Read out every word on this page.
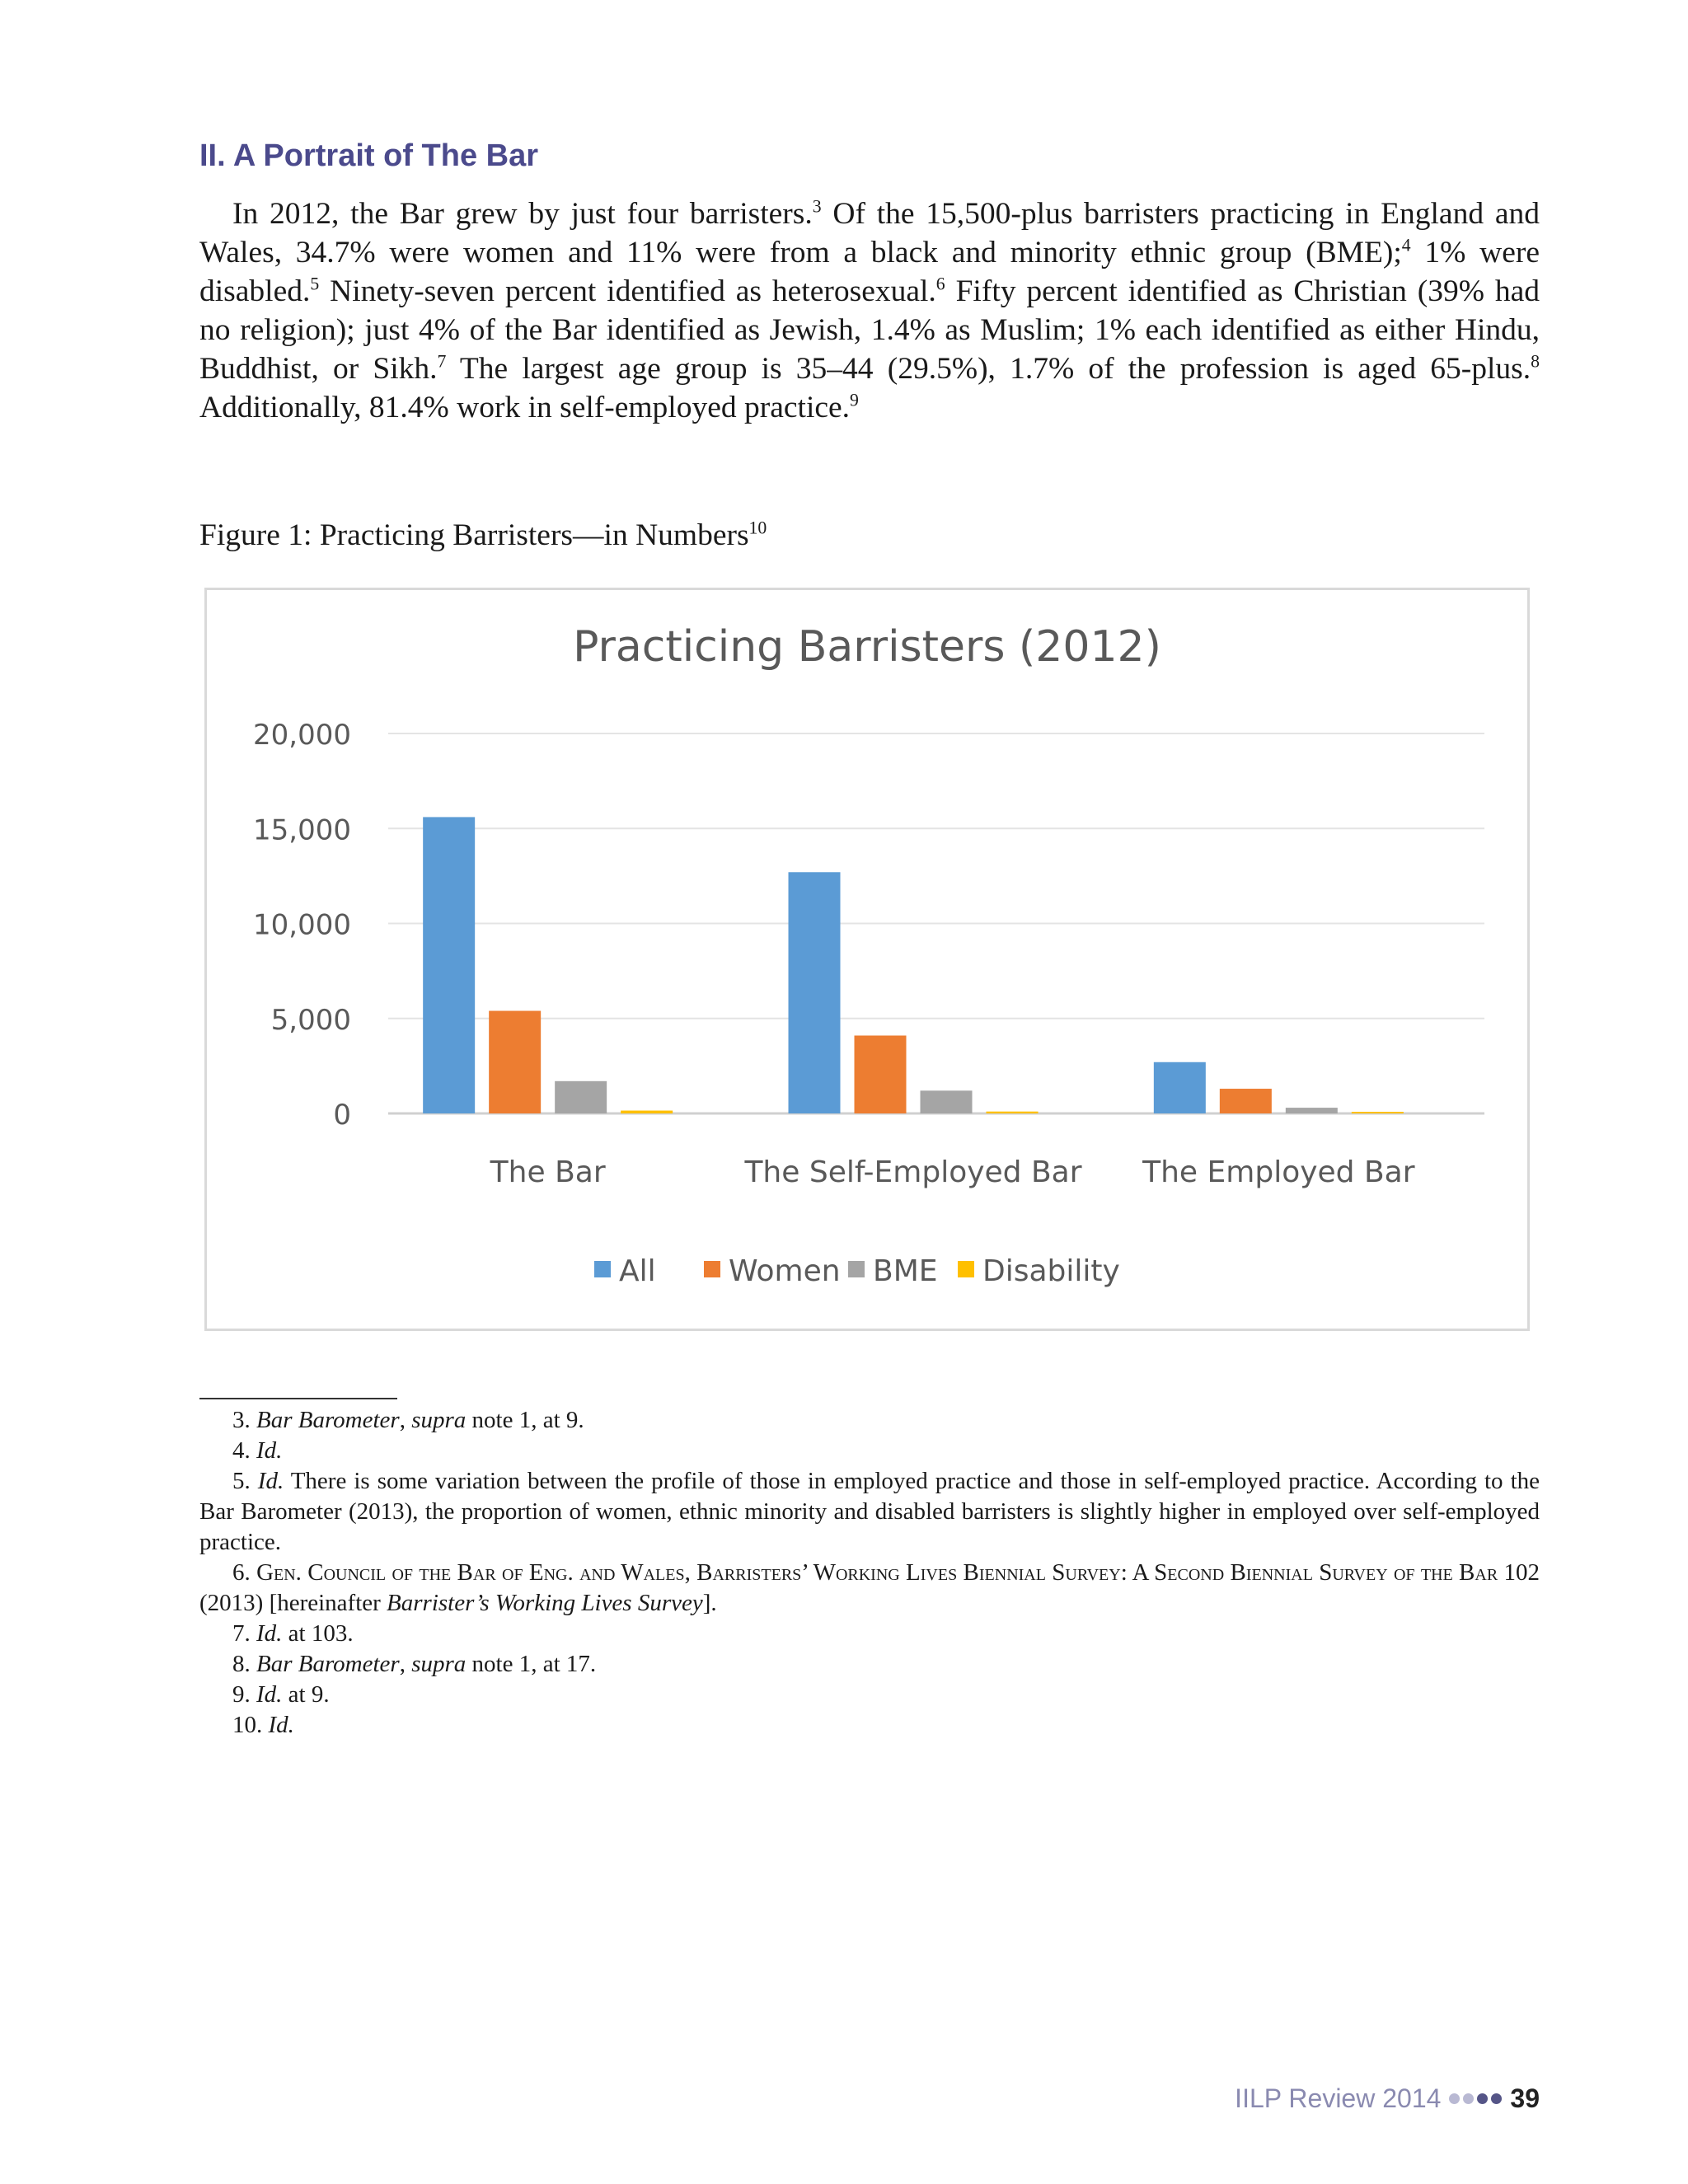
II. A Portrait of The Bar

In 2012, the Bar grew by just four barristers.$^3$ Of the 15,500-plus barristers practicing in England and Wales, 34.7% were women and 11% were from a black and minority ethnic group (BME);$^4$ 1% were disabled.$^5$ Ninety-seven percent identified as heterosexual.$^6$ Fifty percent identified as Christian (39% had no religion); just 4% of the Bar identified as Jewish, 1.4% as Muslim; 1% each identified as either Hindu, Buddhist, or Sikh.$^7$ The largest age group is 35–44 (29.5%), 1.7% of the profession is aged 65-plus.$^8$ Additionally, 81.4% work in self-employed practice.$^9$

Figure 1: Practicing Barristers—in Numbers$^{10}$
Practicing Barristers (2012)
0
5,000
10,000
15,000
20,000
The Bar	The Self-Employed Bar The Employed Bar
All Women BME Disability
3. Bar Barometer, supra note 1, at 9.
4. Id.
5. Id. There is some variation between the profile of those in employed practice and those in self-employed practice. According to the Bar Barometer (2013), the proportion of women, ethnic minority and disabled barristers is slightly higher in employed over self-employed practice.
6. Gen. Council of the Bar of Eng. and Wales, Barristers’ Working Lives Biennial Survey: A Second Biennial Survey of the Bar 102 (2013) [hereinafter Barrister’s Working Lives Survey].
7. Id. at 103.
8. Bar Barometer, supra note 1, at 17.
9. Id. at 9.
10. Id.
IILP Review 2014	39
